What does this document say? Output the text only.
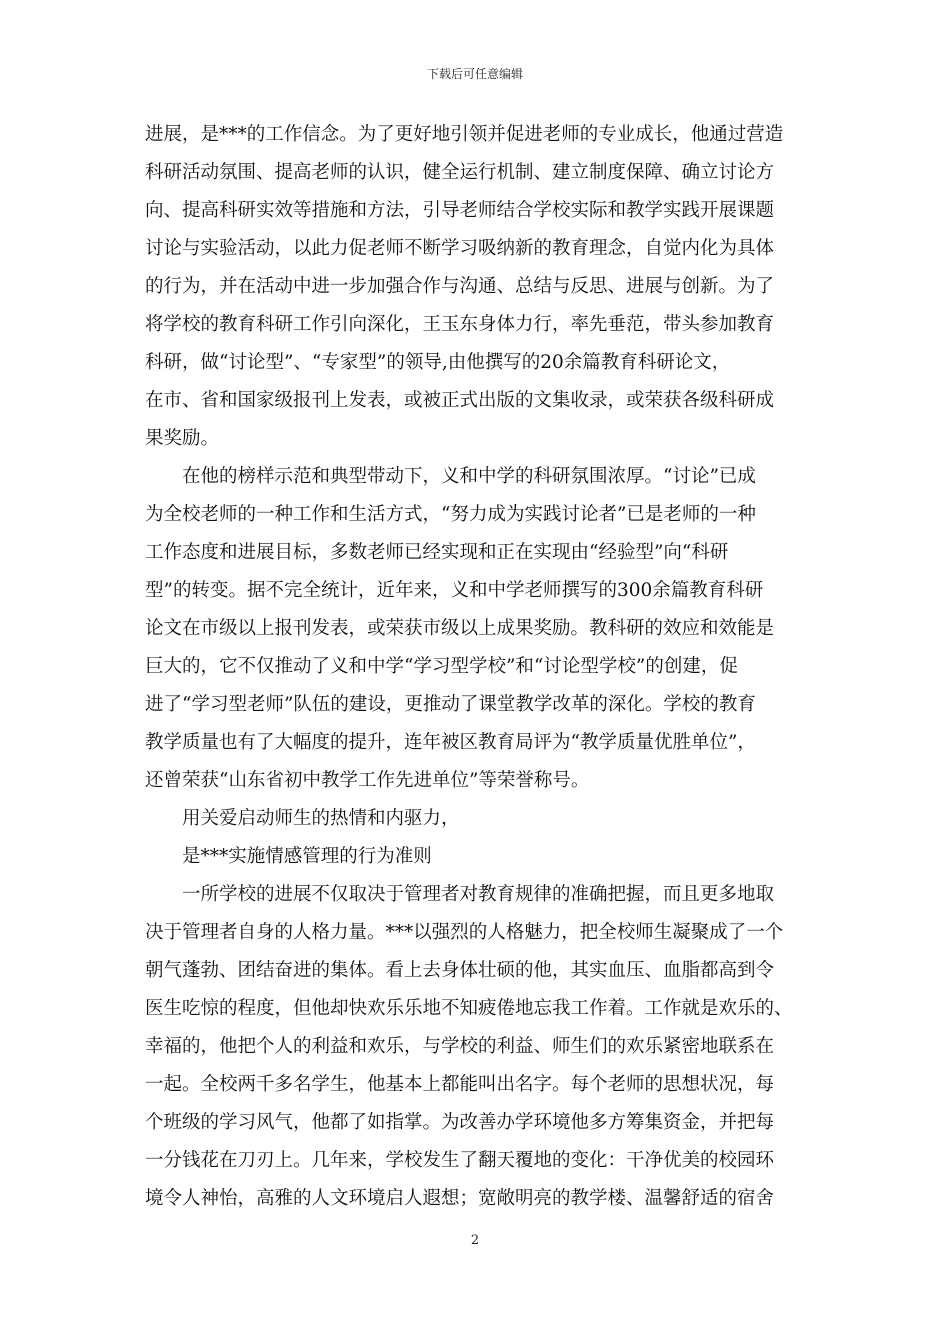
下载后可任意编辑
进展，是***的工作信念。为了更好地引领并促进老师的专业成长，他通过营造
科研活动氛围、提高老师的认识，健全运行机制、建立制度保障、确立讨论方
向、提高科研实效等措施和方法，引导老师结合学校实际和教学实践开展课题
讨论与实验活动，以此力促老师不断学习吸纳新的教育理念，自觉内化为具体
的行为，并在活动中进一步加强合作与沟通、总结与反思、进展与创新。为了
将学校的教育科研工作引向深化，王玉东身体力行，率先垂范，带头参加教育
科研，做“讨论型”、“专家型”的领导,由他撰写的20余篇教育科研论文，
在市、省和国家级报刊上发表，或被正式出版的文集收录，或荣获各级科研成
果奖励。
在他的榜样示范和典型带动下，义和中学的科研氛围浓厚。“讨论”已成
为全校老师的一种工作和生活方式，“努力成为实践讨论者”已是老师的一种
工作态度和进展目标，多数老师已经实现和正在实现由“经验型”向“科研
型”的转变。据不完全统计，近年来，义和中学老师撰写的300余篇教育科研
论文在市级以上报刊发表，或荣获市级以上成果奖励。教科研的效应和效能是
巨大的，它不仅推动了义和中学“学习型学校”和“讨论型学校”的创建，促
进了“学习型老师”队伍的建设，更推动了课堂教学改革的深化。学校的教育
教学质量也有了大幅度的提升，连年被区教育局评为“教学质量优胜单位”，
还曾荣获“山东省初中教学工作先进单位”等荣誉称号。
用关爱启动师生的热情和内驱力，
是***实施情感管理的行为准则
一所学校的进展不仅取决于管理者对教育规律的准确把握，而且更多地取
决于管理者自身的人格力量。***以强烈的人格魅力，把全校师生凝聚成了一个
朝气蓬勃、团结奋进的集体。看上去身体壮硕的他，其实血压、血脂都高到令
医生吃惊的程度，但他却快欢乐乐地不知疲倦地忘我工作着。工作就是欢乐的、
幸福的，他把个人的利益和欢乐，与学校的利益、师生们的欢乐紧密地联系在
一起。全校两千多名学生，他基本上都能叫出名字。每个老师的思想状况，每
个班级的学习风气，他都了如指掌。为改善办学环境他多方筹集资金，并把每
一分钱花在刀刃上。几年来，学校发生了翻天覆地的变化：干净优美的校园环
境令人神怡，高雅的人文环境启人遐想；宽敞明亮的教学楼、温馨舒适的宿舍
2
